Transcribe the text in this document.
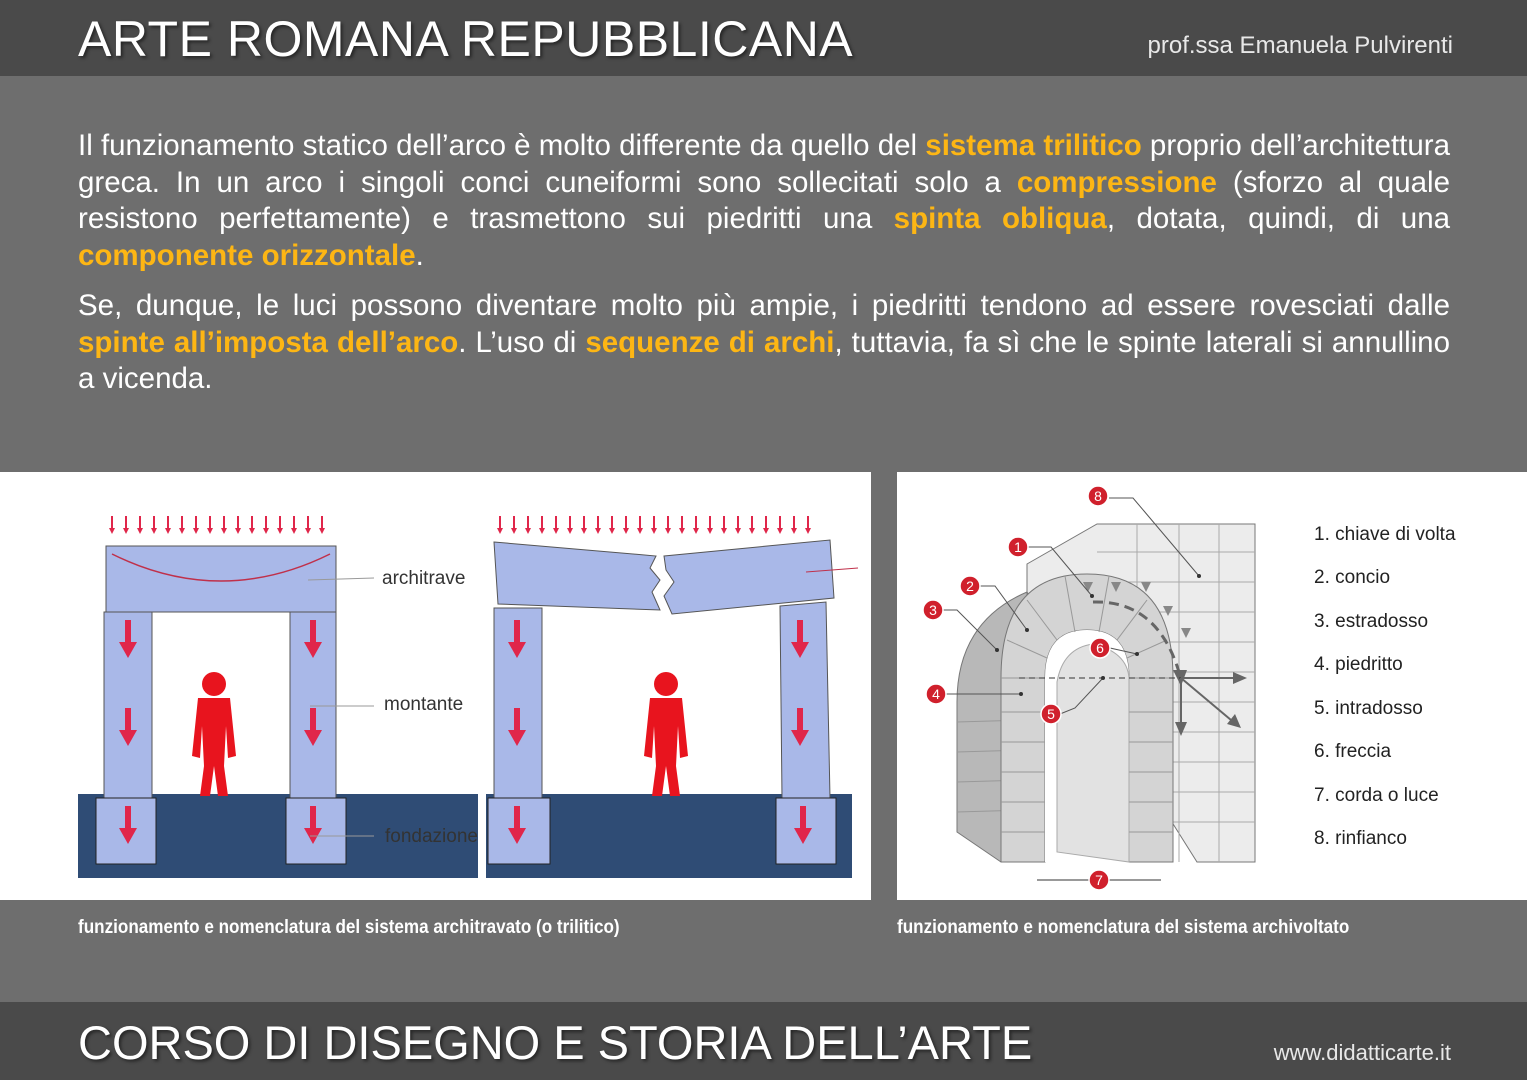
ARTE ROMANA REPUBBLICANA	prof.ssa Emanuela Pulvirenti

Il funzionamento statico dell’arco è molto differente da quello del sistema trilitico proprio dell’architettura greca. In un arco i singoli conci cuneiformi sono sollecitati solo a compressione (sforzo al quale resistono perfettamente) e trasmettono sui piedritti una spinta obliqua, dotata, quindi, di una componente orizzontale.

Se, dunque, le luci possono diventare molto più ampie, i piedritti tendono ad essere rovesciati dalle spinte all’imposta dell’arco. L’uso di sequenze di archi, tuttavia, fa sì che le spinte laterali si annullino a vicenda.

architrave
montante
fondazione
funzionamento e nomenclatura del sistema architravato (o trilitico)
1
2
3
4
5
6
7
8
1. chiave di volta
2. concio
3. estradosso
4. piedritto
5. intradosso
6. freccia
7. corda o luce
8. rinfianco
funzionamento e nomenclatura del sistema archivoltato
CORSO DI DISEGNO E STORIA DELL’ARTE	www.didatticarte.it
